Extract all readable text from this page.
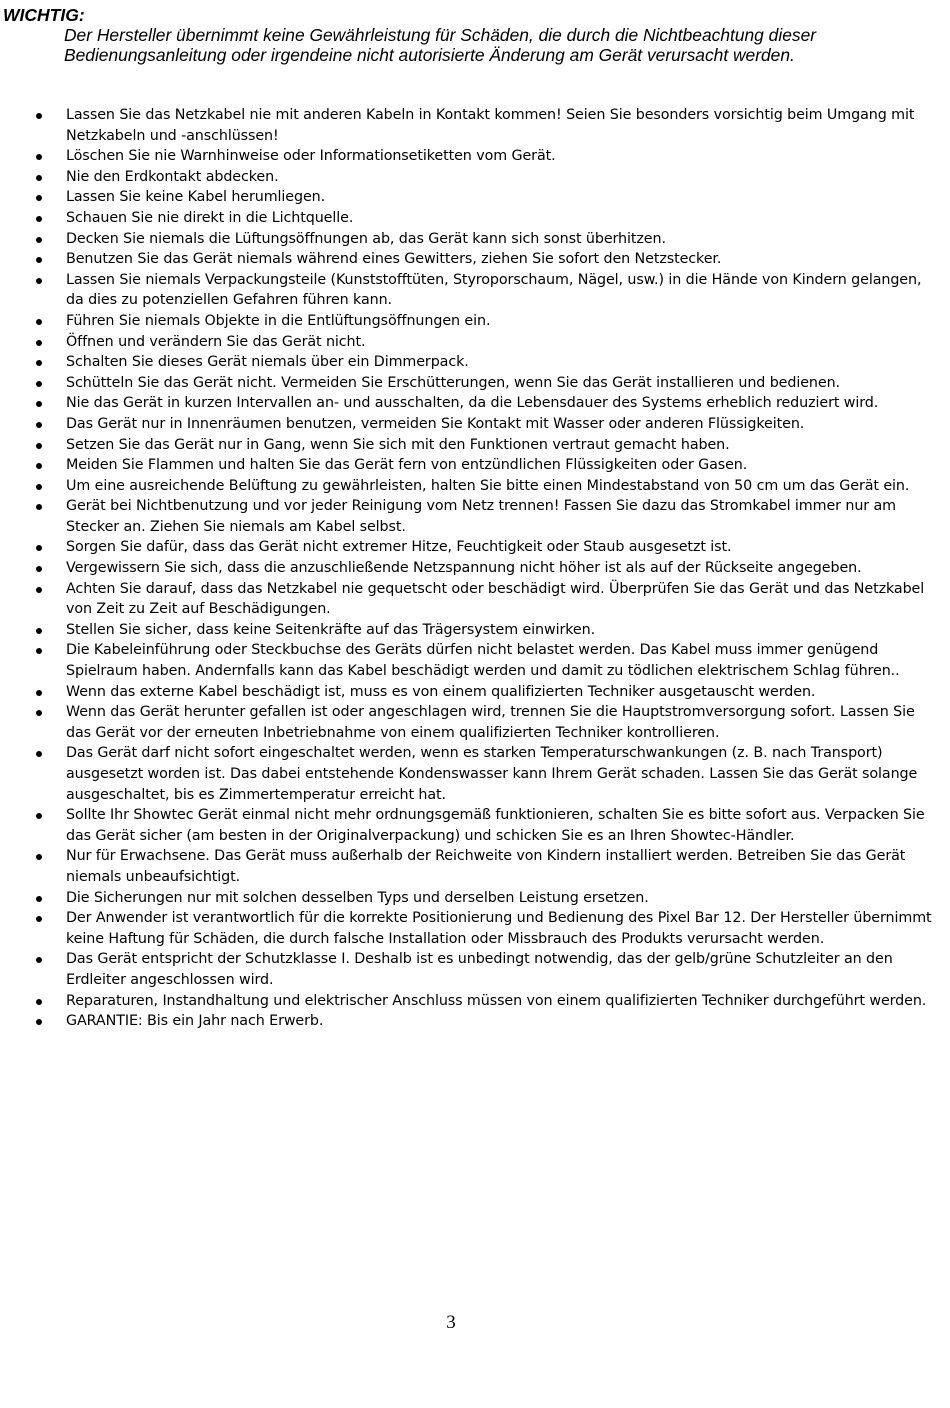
WICHTIG:

Der Hersteller übernimmt keine Gewährleistung für Schäden, die durch die Nichtbeachtung dieser Bedienungsanleitung oder irgendeine nicht autorisierte Änderung am Gerät verursacht werden.

Lassen Sie das Netzkabel nie mit anderen Kabeln in Kontakt kommen! Seien Sie besonders vorsichtig beim Umgang mit Netzkabeln und -anschlüssen!
Löschen Sie nie Warnhinweise oder Informationsetiketten vom Gerät.
Nie den Erdkontakt abdecken.
Lassen Sie keine Kabel herumliegen.
Schauen Sie nie direkt in die Lichtquelle.
Decken Sie niemals die Lüftungsöffnungen ab, das Gerät kann sich sonst überhitzen.
Benutzen Sie das Gerät niemals während eines Gewitters, ziehen Sie sofort den Netzstecker.
Lassen Sie niemals Verpackungsteile (Kunststofftüten, Styroporschaum, Nägel, usw.) in die Hände von Kindern gelangen, da dies zu potenziellen Gefahren führen kann.
Führen Sie niemals Objekte in die Entlüftungsöffnungen ein.
Öffnen und verändern Sie das Gerät nicht.
Schalten Sie dieses Gerät niemals über ein Dimmerpack.
Schütteln Sie das Gerät nicht. Vermeiden Sie Erschütterungen, wenn Sie das Gerät installieren und bedienen.
Nie das Gerät in kurzen Intervallen an- und ausschalten, da die Lebensdauer des Systems erheblich reduziert wird.
Das Gerät nur in Innenräumen benutzen, vermeiden Sie Kontakt mit Wasser oder anderen Flüssigkeiten.
Setzen Sie das Gerät nur in Gang, wenn Sie sich mit den Funktionen vertraut gemacht haben.
Meiden Sie Flammen und halten Sie das Gerät fern von entzündlichen Flüssigkeiten oder Gasen.
Um eine ausreichende Belüftung zu gewährleisten, halten Sie bitte einen Mindestabstand von 50 cm um das Gerät ein.
Gerät bei Nichtbenutzung und vor jeder Reinigung vom Netz trennen! Fassen Sie dazu das Stromkabel immer nur am Stecker an. Ziehen Sie niemals am Kabel selbst.
Sorgen Sie dafür, dass das Gerät nicht extremer Hitze, Feuchtigkeit oder Staub ausgesetzt ist.
Vergewissern Sie sich, dass die anzuschließende Netzspannung nicht höher ist als auf der Rückseite angegeben.
Achten Sie darauf, dass das Netzkabel nie gequetscht oder beschädigt wird. Überprüfen Sie das Gerät und das Netzkabel von Zeit zu Zeit auf Beschädigungen.
Stellen Sie sicher, dass keine Seitenkräfte auf das Trägersystem einwirken.
Die Kabeleinführung oder Steckbuchse des Geräts dürfen nicht belastet werden. Das Kabel muss immer genügend Spielraum haben. Andernfalls kann das Kabel beschädigt werden und damit zu tödlichen elektrischem Schlag führen..
Wenn das externe Kabel beschädigt ist, muss es von einem qualifizierten Techniker ausgetauscht werden.
Wenn das Gerät herunter gefallen ist oder angeschlagen wird, trennen Sie die Hauptstromversorgung sofort. Lassen Sie das Gerät vor der erneuten Inbetriebnahme von einem qualifizierten Techniker kontrollieren.
Das Gerät darf nicht sofort eingeschaltet werden, wenn es starken Temperaturschwankungen (z. B. nach Transport) ausgesetzt worden ist. Das dabei entstehende Kondenswasser kann Ihrem Gerät schaden. Lassen Sie das Gerät solange ausgeschaltet, bis es Zimmertemperatur erreicht hat.
Sollte Ihr Showtec Gerät einmal nicht mehr ordnungsgemäß funktionieren, schalten Sie es bitte sofort aus. Verpacken Sie das Gerät sicher (am besten in der Originalverpackung) und schicken Sie es an Ihren Showtec-Händler.
Nur für Erwachsene. Das Gerät muss außerhalb der Reichweite von Kindern installiert werden. Betreiben Sie das Gerät niemals unbeaufsichtigt.
Die Sicherungen nur mit solchen desselben Typs und derselben Leistung ersetzen.
Der Anwender ist verantwortlich für die korrekte Positionierung und Bedienung des Pixel Bar 12. Der Hersteller übernimmt keine Haftung für Schäden, die durch falsche Installation oder Missbrauch des Produkts verursacht werden.
Das Gerät entspricht der Schutzklasse I. Deshalb ist es unbedingt notwendig, das der gelb/grüne Schutzleiter an den Erdleiter angeschlossen wird.
Reparaturen, Instandhaltung und elektrischer Anschluss müssen von einem qualifizierten Techniker durchgeführt werden.
GARANTIE: Bis ein Jahr nach Erwerb.
3
